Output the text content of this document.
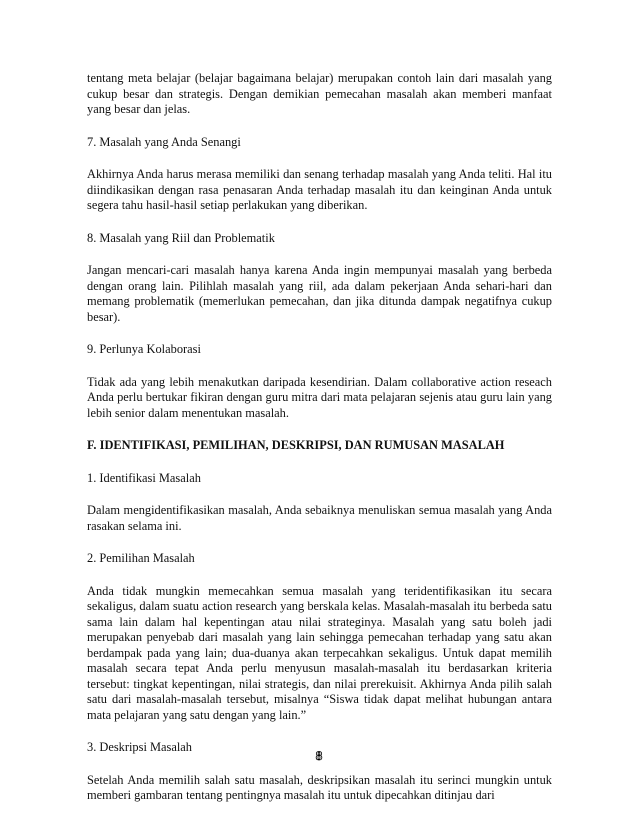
tentang meta belajar (belajar bagaimana belajar) merupakan contoh lain dari masalah yang cukup besar dan strategis. Dengan demikian pemecahan masalah akan memberi manfaat yang besar dan jelas.

7. Masalah yang Anda Senangi

Akhirnya Anda harus merasa memiliki dan senang terhadap masalah yang Anda teliti. Hal itu diindikasikan dengan rasa penasaran Anda terhadap masalah itu dan keinginan Anda untuk segera tahu hasil-hasil setiap perlakukan yang diberikan.

8. Masalah yang Riil dan Problematik

Jangan mencari-cari masalah hanya karena Anda ingin mempunyai masalah yang berbeda dengan orang lain. Pilihlah masalah yang riil, ada dalam pekerjaan Anda sehari-hari dan memang problematik (memerlukan pemecahan, dan jika ditunda dampak negatifnya cukup besar).

9. Perlunya Kolaborasi

Tidak ada yang lebih menakutkan daripada kesendirian. Dalam collaborative action reseach Anda perlu bertukar fikiran dengan guru mitra dari mata pelajaran sejenis atau guru lain yang lebih senior dalam menentukan masalah.

F. IDENTIFIKASI, PEMILIHAN, DESKRIPSI, DAN RUMUSAN MASALAH

1. Identifikasi Masalah

Dalam mengidentifikasikan masalah, Anda sebaiknya menuliskan semua masalah yang Anda rasakan selama ini.

2. Pemilihan Masalah

Anda tidak mungkin memecahkan semua masalah yang teridentifikasikan itu secara sekaligus, dalam suatu action research yang berskala kelas. Masalah-masalah itu berbeda satu sama lain dalam hal kepentingan atau nilai strateginya. Masalah yang satu boleh jadi merupakan penyebab dari masalah yang lain sehingga pemecahan terhadap yang satu akan berdampak pada yang lain; dua-duanya akan terpecahkan sekaligus. Untuk dapat memilih masalah secara tepat Anda perlu menyusun masalah-masalah itu berdasarkan kriteria tersebut: tingkat kepentingan, nilai strategis, dan nilai prerekuisit. Akhirnya Anda pilih salah satu dari masalah-masalah tersebut, misalnya “Siswa tidak dapat melihat hubungan antara mata pelajaran yang satu dengan yang lain.”

3. Deskripsi Masalah

Setelah Anda memilih salah satu masalah, deskripsikan masalah itu serinci mungkin untuk memberi gambaran tentang pentingnya masalah itu untuk dipecahkan ditinjau dari

8
